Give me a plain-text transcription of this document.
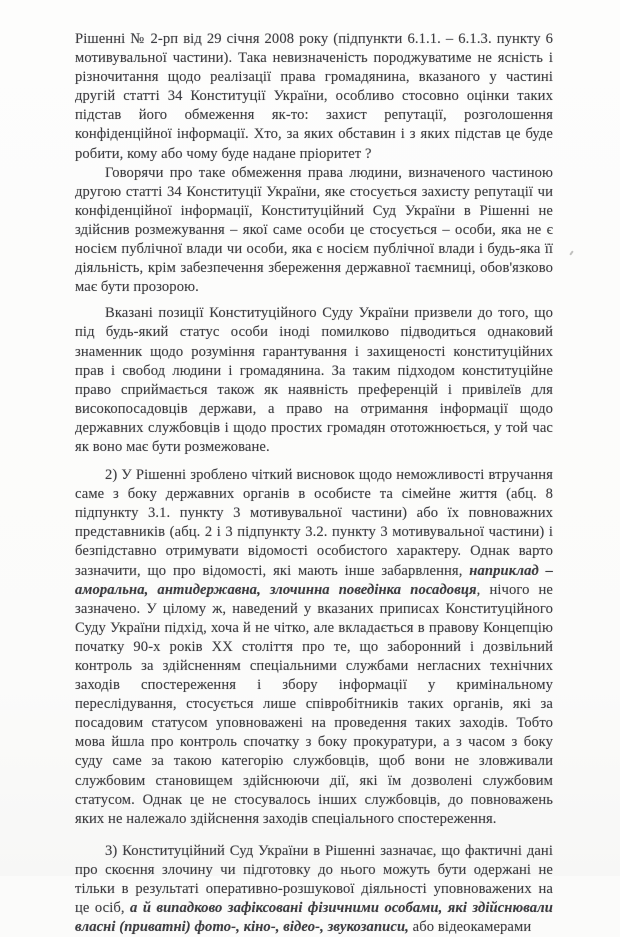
Рішенні № 2-рп від 29 січня 2008 року (підпункти 6.1.1. – 6.1.3. пункту 6 мотивувальної частини). Така невизначеність породжуватиме не ясність і різночитання щодо реалізації права громадянина, вказаного у частині другій статті 34 Конституції України, особливо стосовно оцінки таких підстав його обмеження як-то: захист репутації, розголошення конфіденційної інформації. Хто, за яких обставин і з яких підстав це буде робити, кому або чому буде надане пріоритет ?

Говорячи про таке обмеження права людини, визначеного частиною другою статті 34 Конституції України, яке стосується захисту репутації чи конфіденційної інформації, Конституційний Суд України в Рішенні не здійснив розмежування – якої саме особи це стосується – особи, яка не є носієм публічної влади чи особи, яка є носієм публічної влади і будь-яка її діяльність, крім забезпечення збереження державної таємниці, обов'язково має бути прозорою.

Вказані позиції Конституційного Суду України призвели до того, що під будь-який статус особи іноді помилково підводиться однаковий знаменник щодо розуміння гарантування і захищеності конституційних прав і свобод людини і громадянина. За таким підходом конституційне право сприймається також як наявність преференцій і привілеїв для високопосадовців держави, а право на отримання інформації щодо державних службовців і щодо простих громадян ототожнюється, у той час як воно має бути розмежоване.

2) У Рішенні зроблено чіткий висновок щодо неможливості втручання саме з боку державних органів в особисте та сімейне життя (абц. 8 підпункту 3.1. пункту 3 мотивувальної частини) або їх повноважних представників (абц. 2 і 3 підпункту 3.2. пункту 3 мотивувальної частини) і безпідставно отримувати відомості особистого характеру. Однак варто зазначити, що про відомості, які мають інше забарвлення, наприклад – аморальна, антидержавна, злочинна поведінка посадовця, нічого не зазначено. У цілому ж, наведений у вказаних приписах Конституційного Суду України підхід, хоча й не чітко, але вкладається в правову Концепцію початку 90-х років XX століття про те, що заборонний і дозвільний контроль за здійсненням спеціальними службами негласних технічних заходів спостереження і збору інформації у кримінальному переслідування, стосується лише співробітників таких органів, які за посадовим статусом уповноважені на проведення таких заходів. Тобто мова йшла про контроль спочатку з боку прокуратури, а з часом з боку суду саме за такою категорію службовців, щоб вони не зловживали службовим становищем здійснюючи дії, які їм дозволені службовим статусом. Однак це не стосувалось інших службовців, до повноважень яких не належало здійснення заходів спеціального спостереження.

3) Конституційний Суд України в Рішенні зазначає, що фактичні дані про скоєння злочину чи підготовку до нього можуть бути одержані не тільки в результаті оперативно-розшукової діяльності уповноважених на це осіб, а й випадково зафіксовані фізичними особами, які здійснювали власні (приватні) фото-, кіно-, відео-, звукозаписи, або відеокамерами
